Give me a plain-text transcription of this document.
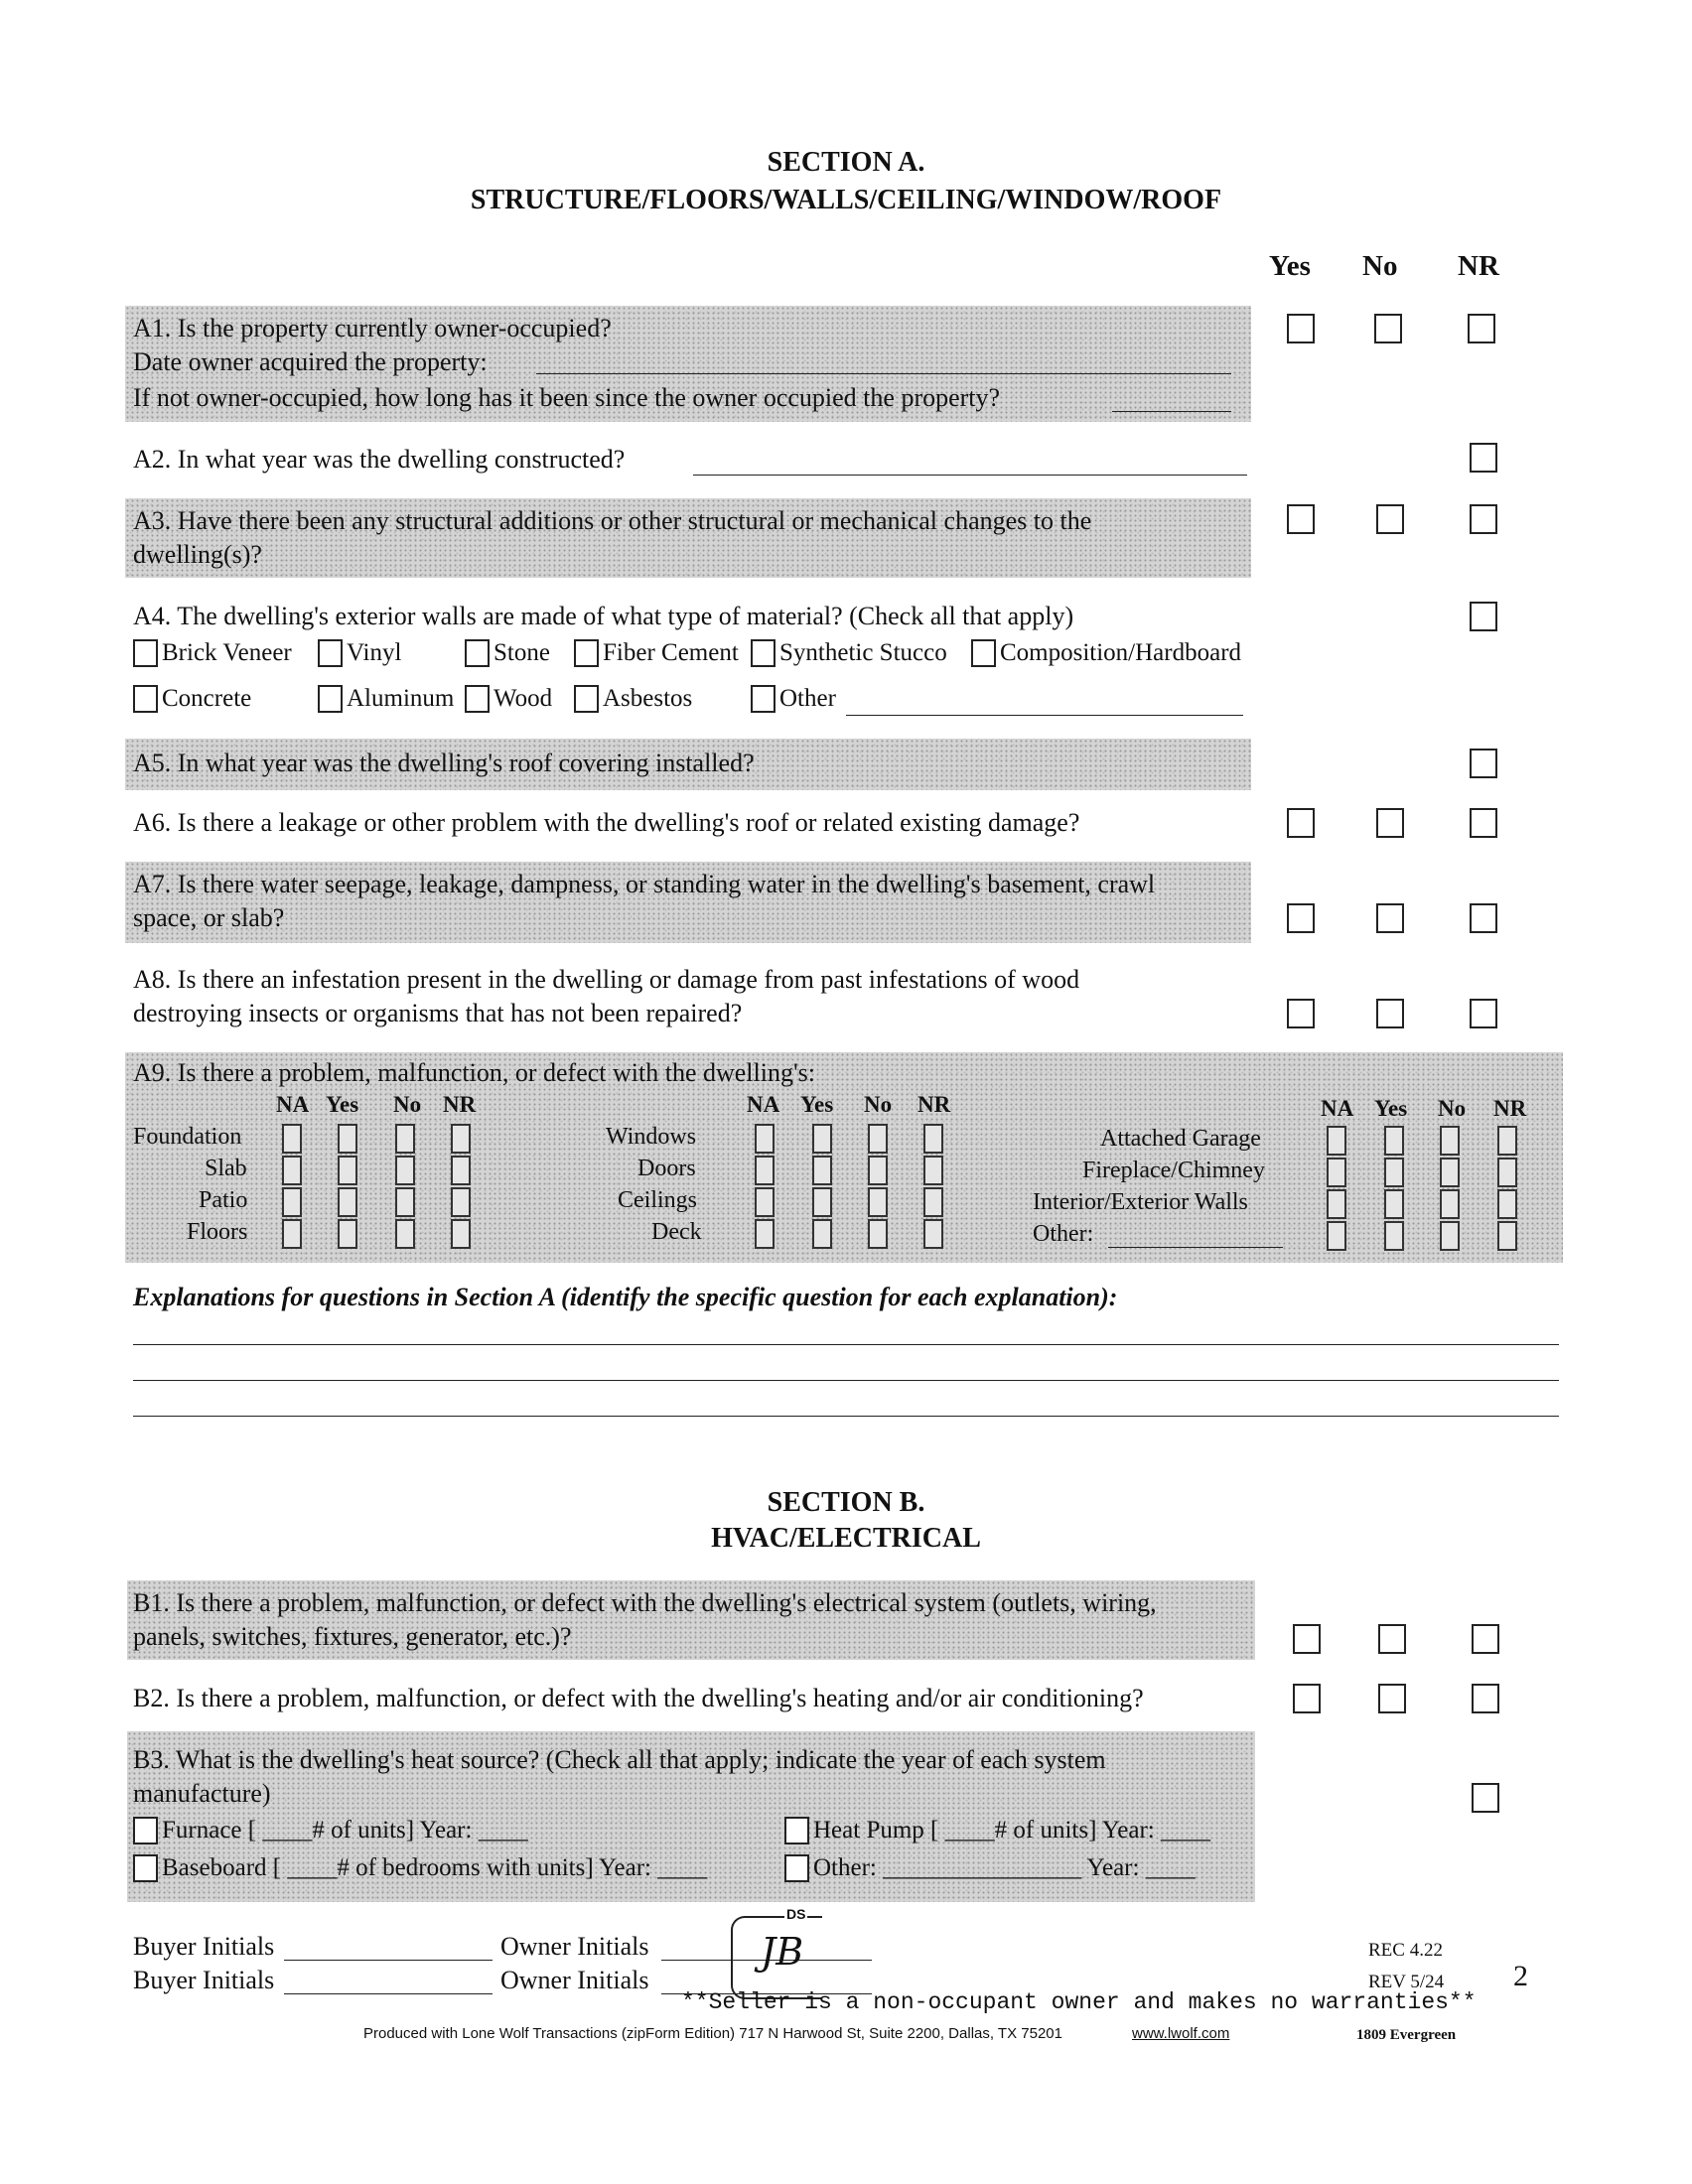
SECTION A.
STRUCTURE/FLOORS/WALLS/CEILING/WINDOW/ROOF
Yes No NR
A1. Is the property currently owner-occupied?
Date owner acquired the property:
If not owner-occupied, how long has it been since the owner occupied the property?
A2. In what year was the dwelling constructed?
A3. Have there been any structural additions or other structural or mechanical changes to the
dwelling(s)?
A4. The dwelling's exterior walls are made of what type of material? (Check all that apply)
Brick Veneer Vinyl	Stone Fiber Cement Synthetic Stucco Composition/Hardboard
Concrete	Aluminum Wood Asbestos	Other
A5. In what year was the dwelling's roof covering installed?
A6. Is there a leakage or other problem with the dwelling's roof or related existing damage?
A7. Is there water seepage, leakage, dampness, or standing water in the dwelling's basement, crawl
space, or slab?
A8. Is there an infestation present in the dwelling or damage from past infestations of wood
destroying insects or organisms that has not been repaired?
A9. Is there a problem, malfunction, or defect with the dwelling's:
NA Yes No NR
Foundation
Slab
Patio
Floors
NA Yes No NR
Windows
Doors
Ceilings
Deck
NA Yes No NR
Attached Garage
Fireplace/Chimney
Interior/Exterior Walls
Other:
Explanations for questions in Section A (identify the specific question for each explanation):
SECTION B.
HVAC/ELECTRICAL
B1. Is there a problem, malfunction, or defect with the dwelling's electrical system (outlets, wiring,
panels, switches, fixtures, generator, etc.)?
B2. Is there a problem, malfunction, or defect with the dwelling's heating and/or air conditioning?
B3. What is the dwelling's heat source? (Check all that apply; indicate the year of each system
manufacture)
Furnace [ ____# of units] Year: ____	Heat Pump [ ____# of units] Year: ____
Baseboard [ ____# of bedrooms with units] Year: ____	Other: ________________ Year: ____
Buyer Initials	Owner Initials
Buyer Initials	Owner Initials
DS
JB	REC 4.22
REV 5/24 2
**Seller is a non-occupant owner and makes no warranties**
Produced with Lone Wolf Transactions (zipForm Edition) 717 N Harwood St, Suite 2200, Dallas, TX 75201	www.lwolf.com	1809 Evergreen
